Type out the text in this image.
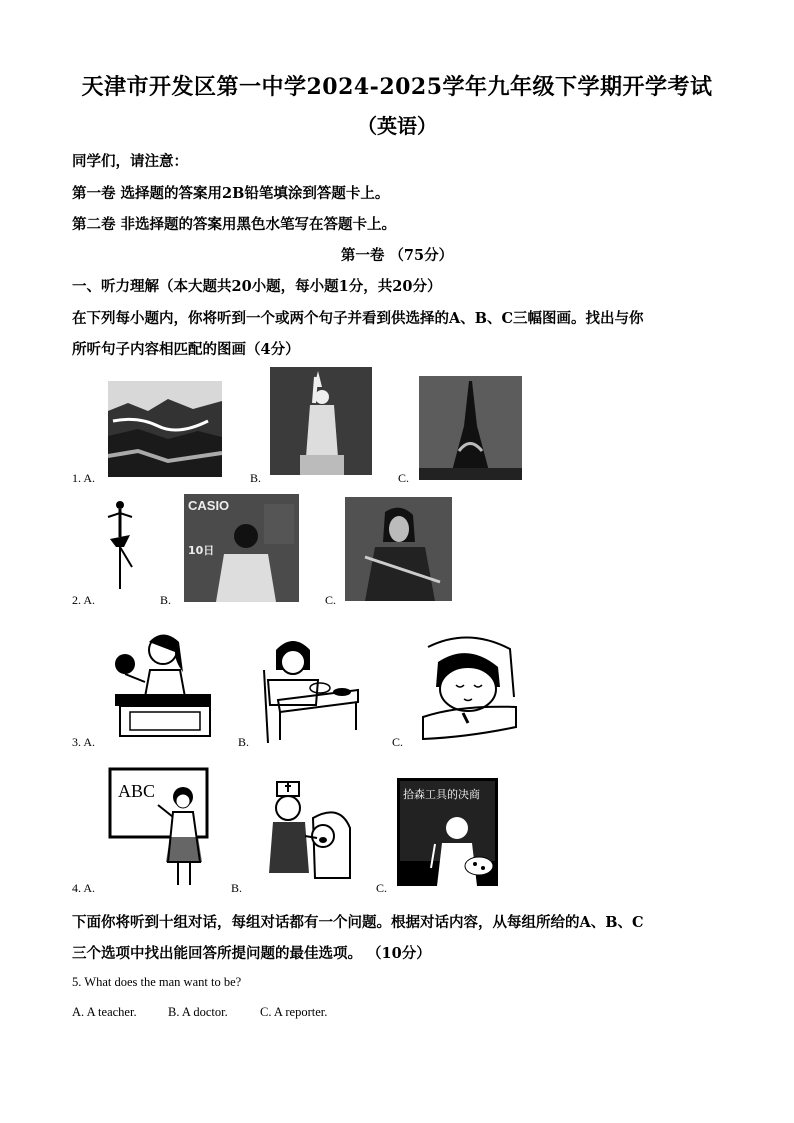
天津市开发区第一中学2024-2025学年九年级下学期开学考试
（英语）
同学们，请注意：
第一卷 选择题的答案用2B铅笔填涂到答题卡上。
第二卷 非选择题的答案用黑色水笔写在答题卡上。
第一卷 （75分）
一、听力理解（本大题共20小题，每小题1分，共20分）
在下列每小题内，你将听到一个或两个句子并看到供选择的A、B、C三幅图画。找出与你
所听句子内容相匹配的图画（4分）
1. A.	B.	C.
2. A.
CASIO
10日
B.	C.
3. A.	B.	C.
ABC
4. A.	B.
拾森工具的决商
C.
下面你将听到十组对话，每组对话都有一个问题。根据对话内容，从每组所给的A、B、C
三个选项中找出能回答所提问题的最佳选项。 （10分）
5. What does the man want to be?
A. A teacher.	B. A doctor.	C. A reporter.
